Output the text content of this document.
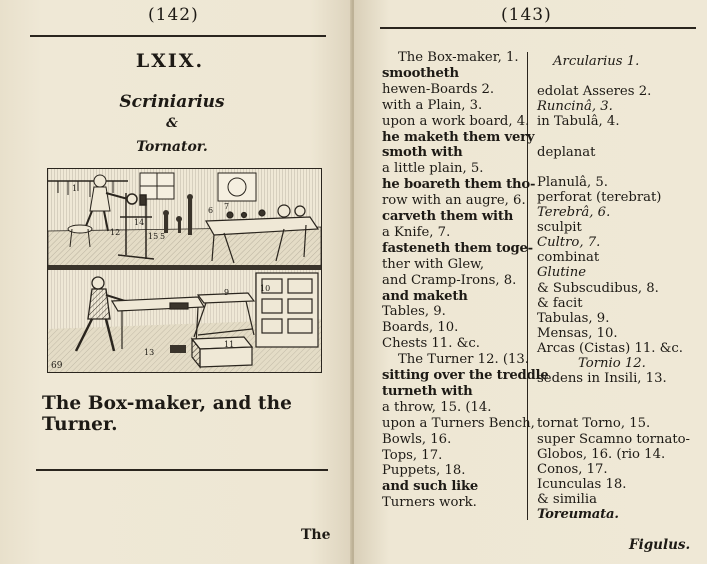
(142)
LXIX.
Scriniarius
&
Tornator.
1
14
5
6 7
12	15
9	10
11
13
69
The Box-maker, and the Turner.
The
(143)
The Box-maker, 1.
smootheth
hewen-Boards 2.
with a Plain, 3.
upon a work board, 4.
he maketh them very
smoth with
a little plain, 5.
he boareth them tho-
row with an augre, 6.
carveth them with
a Knife, 7.
fasteneth them toge-
ther with Glew,
and Cramp-Irons, 8.
and maketh
Tables, 9.
Boards, 10.
Chests 11. &c.
The Turner 12. (13.
sitting over the treddle
turneth with
a throw, 15. (14.
upon a Turners Bench,
Bowls, 16.
Tops, 17.
Puppets, 18.
and such like
Turners work.
Arcularius 1.
edolat Asseres 2.
Runcinâ, 3.
in Tabulâ, 4.
deplanat
Planulâ, 5.
perforat (terebrat)
Terebrâ, 6.
sculpit
Cultro, 7.
combinat
Glutine
& Subscudibus, 8.
& facit
Tabulas, 9.
Mensas, 10.
Arcas (Cistas) 11. &c.
Tornio 12.
sedens in Insili, 13.
tornat Torno, 15.
super Scamno tornato-
Globos, 16. (rio 14.
Conos, 17.
Icunculas 18.
& similia
Toreumata.
Figulus.
